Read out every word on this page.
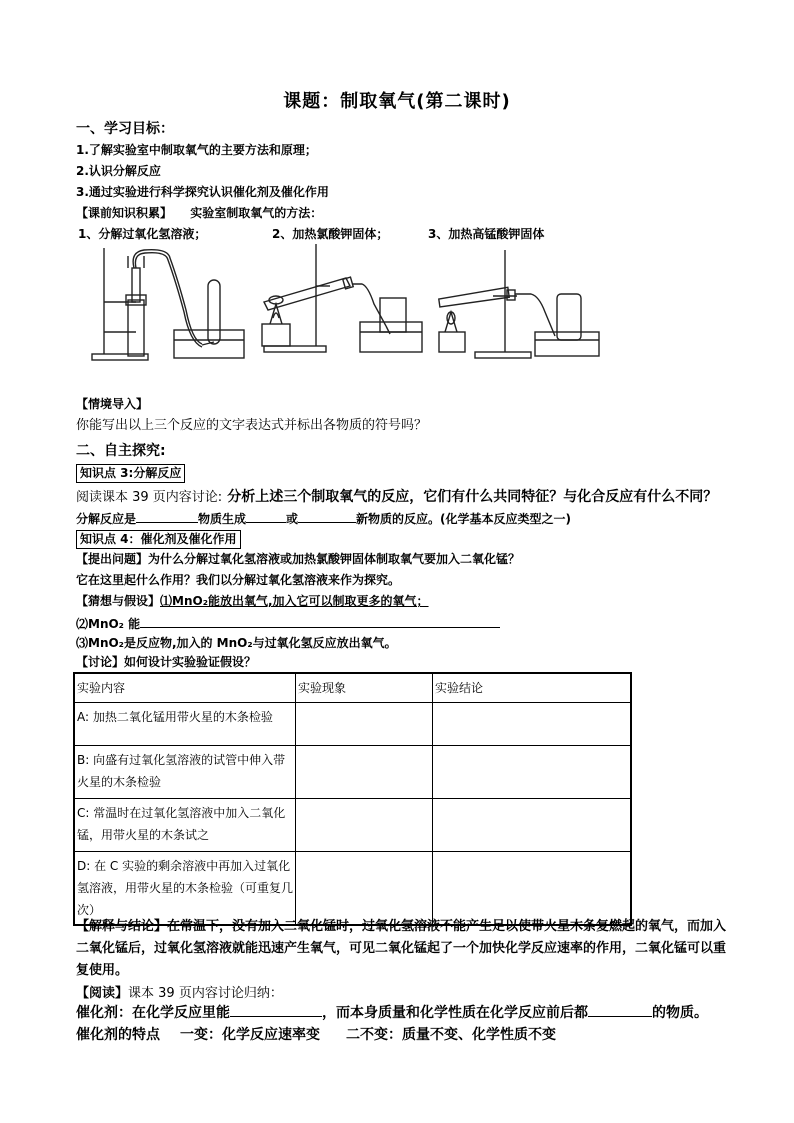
课题：制取氧气(第二课时)
一、学习目标：
1.了解实验室中制取氧气的主要方法和原理；
2.认识分解反应
3.通过实验进行科学探究认识催化剂及催化作用
【课前知识积累】 实验室制取氧气的方法：
1、分解过氧化氢溶液；	2、加热氯酸钾固体；	3、加热高锰酸钾固体
【情境导入】
你能写出以上三个反应的文字表达式并标出各物质的符号吗？
二、自主探究:
知识点 3:分解反应
阅读课本 39 页内容讨论: 分析上述三个制取氧气的反应，它们有什么共同特征？与化合反应有什么不同？
分解反应是	物质生成	或	新物质的反应。(化学基本反应类型之一)
知识点 4：催化剂及催化作用
【提出问题】为什么分解过氧化氢溶液或加热氯酸钾固体制取氧气要加入二氧化锰？
它在这里起什么作用？我们以分解过氧化氢溶液来作为探究。
【猜想与假设】⑴MnO₂能放出氧气,加入它可以制取更多的氧气；
⑵MnO₂ 能
⑶MnO₂是反应物,加入的 MnO₂与过氧化氢反应放出氧气。
【讨论】如何设计实验验证假设？
实验内容	实验现象	实验结论
A: 加热二氧化锰用带火星的木条检验		
B: 向盛有过氧化氢溶液的试管中伸入带火星的木条检验		
C: 常温时在过氧化氢溶液中加入二氧化锰，用带火星的木条试之		
D: 在 C 实验的剩余溶液中再加入过氧化氢溶液，用带火星的木条检验（可重复几次）		
【解释与结论】在常温下，没有加入二氧化锰时，过氧化氢溶液不能产生足以使带火星木条复燃起的氧气，而加入二氧化锰后，过氧化氢溶液就能迅速产生氧气，可见二氧化锰起了一个加快化学反应速率的作用，二氧化锰可以重复使用。
【阅读】课本 39 页内容讨论归纳：
催化剂：在化学反应里能	，而本身质量和化学性质在化学反应前后都	的物质。
催化剂的特点 一变：化学反应速率变 二不变：质量不变、化学性质不变
